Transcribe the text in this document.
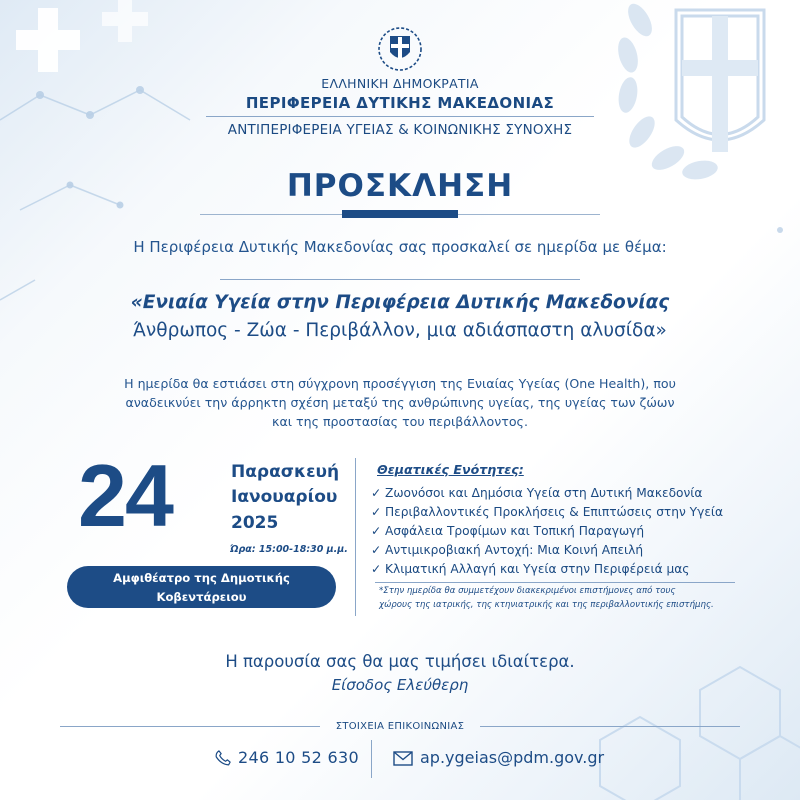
ΕΛΛΗΝΙΚΗ ΔΗΜΟΚΡΑΤΙΑ
ΠΕΡΙΦΕΡΕΙΑ ΔΥΤΙΚΗΣ ΜΑΚΕΔΟΝΙΑΣ
ΑΝΤΙΠΕΡΙΦΕΡΕΙΑ ΥΓΕΙΑΣ & ΚΟΙΝΩΝΙΚΗΣ ΣΥΝΟΧΗΣ
ΠΡΟΣΚΛΗΣΗ
Η Περιφέρεια Δυτικής Μακεδονίας σας προσκαλεί σε ημερίδα με θέμα:
«Ενιαία Υγεία στην Περιφέρεια Δυτικής Μακεδονίας
Άνθρωπος - Ζώα - Περιβάλλον, μια αδιάσπαστη αλυσίδα»
Η ημερίδα θα εστιάσει στη σύγχρονη προσέγγιση της Ενιαίας Υγείας (One Health), που
αναδεικνύει την άρρηκτη σχέση μεταξύ της ανθρώπινης υγείας, της υγείας των ζώων
και της προστασίας του περιβάλλοντος.
24	Παρασκευή
Ιανουαρίου
2025
Ώρα: 15:00-18:30 μ.μ.
Αμφιθέατρο της Δημοτικής Κοβεντάρειου
Βιβλιοθήκης Κοζάνης (Δαβάκη 9, Κοζάνη)
Θεματικές Ενότητες:
✓ Ζωονόσοι και Δημόσια Υγεία στη Δυτική Μακεδονία
✓ Περιβαλλοντικές Προκλήσεις & Επιπτώσεις στην Υγεία
✓ Ασφάλεια Τροφίμων και Τοπική Παραγωγή
✓ Αντιμικροβιακή Αντοχή: Μια Κοινή Απειλή
✓ Κλιματική Αλλαγή και Υγεία στην Περιφέρειά μας
*Στην ημερίδα θα συμμετέχουν διακεκριμένοι επιστήμονες από τους
χώρους της ιατρικής, της κτηνιατρικής και της περιβαλλοντικής επιστήμης.
Η παρουσία σας θα μας τιμήσει ιδιαίτερα.
Είσοδος Ελεύθερη
ΣΤΟΙΧΕΙΑ ΕΠΙΚΟΙΝΩΝΙΑΣ
246 10 52 630	ap.ygeias@pdm.gov.gr
